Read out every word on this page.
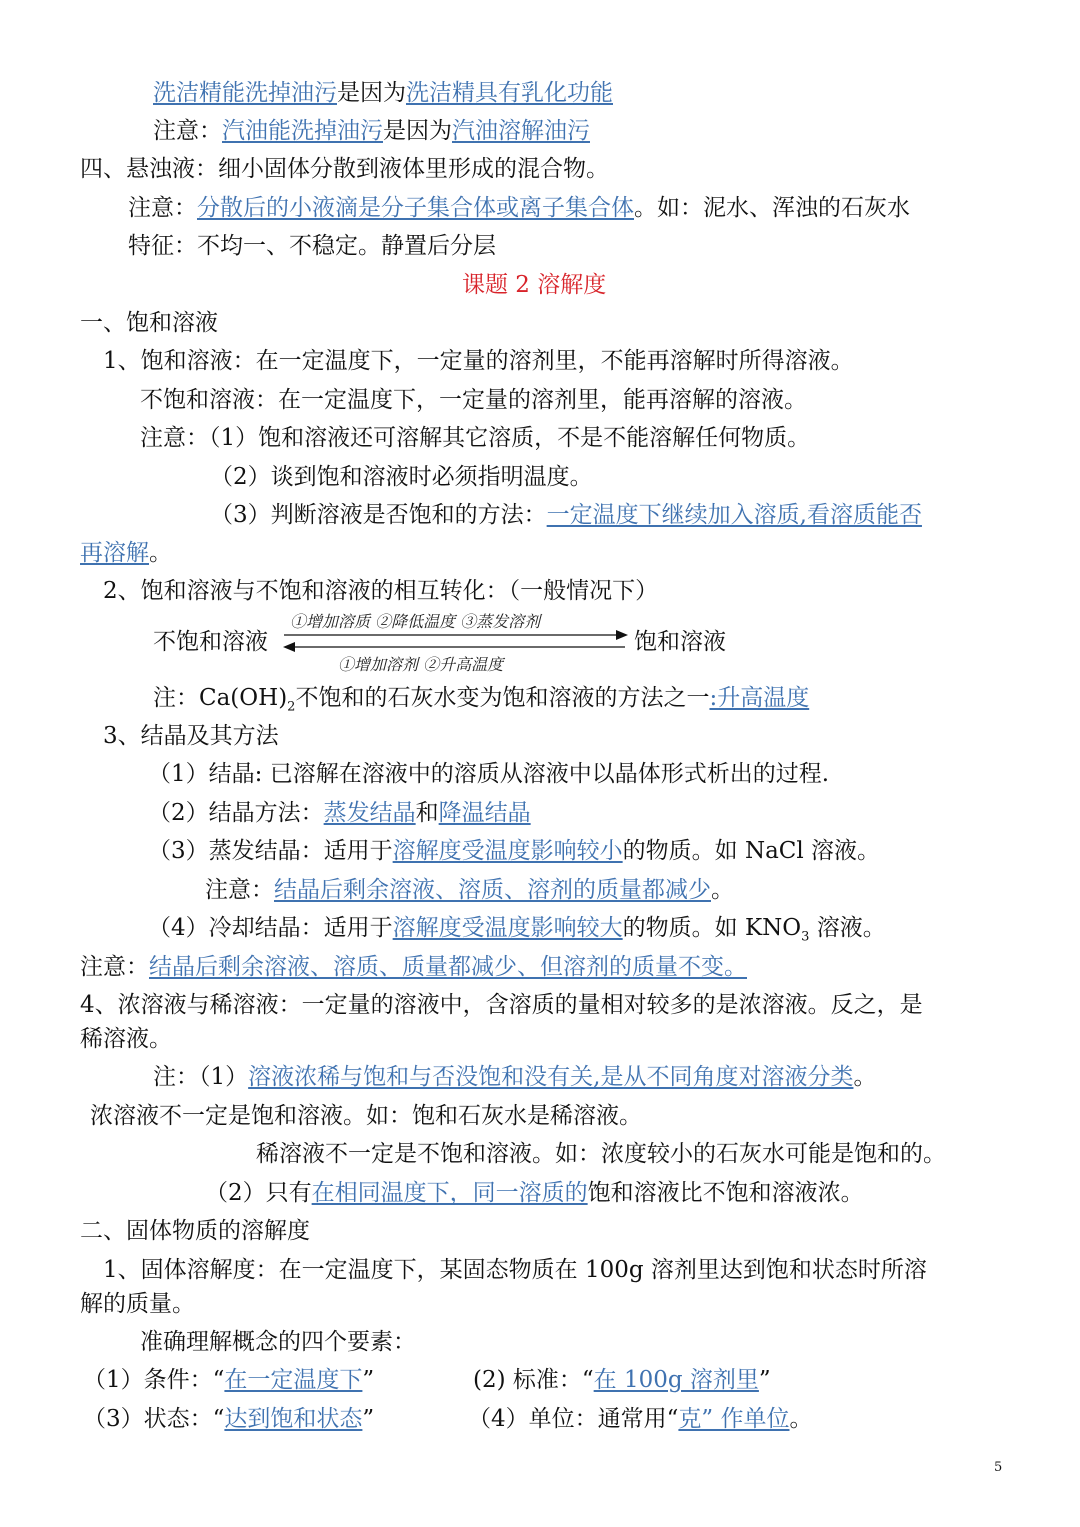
洗洁精能洗掉油污是因为洗洁精具有乳化功能
注意：汽油能洗掉油污是因为汽油溶解油污
四、悬浊液：细小固体分散到液体里形成的混合物。
注意：分散后的小液滴是分子集合体或离子集合体。如：泥水、浑浊的石灰水
特征：不均一、不稳定。静置后分层
课题 2 溶解度
一、饱和溶液
1、饱和溶液：在一定温度下，一定量的溶剂里，不能再溶解时所得溶液。
不饱和溶液：在一定温度下，一定量的溶剂里，能再溶解的溶液。
注意：（1）饱和溶液还可溶解其它溶质，不是不能溶解任何物质。
（2）谈到饱和溶液时必须指明温度。
（3）判断溶液是否饱和的方法：一定温度下继续加入溶质,看溶质能否
再溶解。
2、饱和溶液与不饱和溶液的相互转化：（一般情况下）
不饱和溶液	饱和溶液
①增加溶质 ②降低温度 ③蒸发溶剂
①增加溶剂 ②升高温度
注：$Ca(OH)_2$不饱和的石灰水变为饱和溶液的方法之一:升高温度
3、结晶及其方法
（1）结晶: 已溶解在溶液中的溶质从溶液中以晶体形式析出的过程.
（2）结晶方法：蒸发结晶和降温结晶
（3）蒸发结晶：适用于溶解度受温度影响较小的物质。如 NaCl 溶液。
注意：结晶后剩余溶液、溶质、溶剂的质量都减少。
（4）冷却结晶：适用于溶解度受温度影响较大的物质。如 $KNO_3$ 溶液。
注意：结晶后剩余溶液、溶质、质量都减少、但溶剂的质量不变。
4、浓溶液与稀溶液：一定量的溶液中，含溶质的量相对较多的是浓溶液。反之，是
稀溶液。
注：（1）溶液浓稀与饱和与否没饱和没有关,是从不同角度对溶液分类。
浓溶液不一定是饱和溶液。如：饱和石灰水是稀溶液。
稀溶液不一定是不饱和溶液。如：浓度较小的石灰水可能是饱和的。
（2）只有在相同温度下，同一溶质的饱和溶液比不饱和溶液浓。
二、固体物质的溶解度
1、固体溶解度：在一定温度下，某固态物质在 100g 溶剂里达到饱和状态时所溶
解的质量。
准确理解概念的四个要素：
（1）条件：“在一定温度下”	(2) 标准：“在 100g 溶剂里”
（3）状态：“达到饱和状态”	（4）单位：通常用“克” 作单位。
5
